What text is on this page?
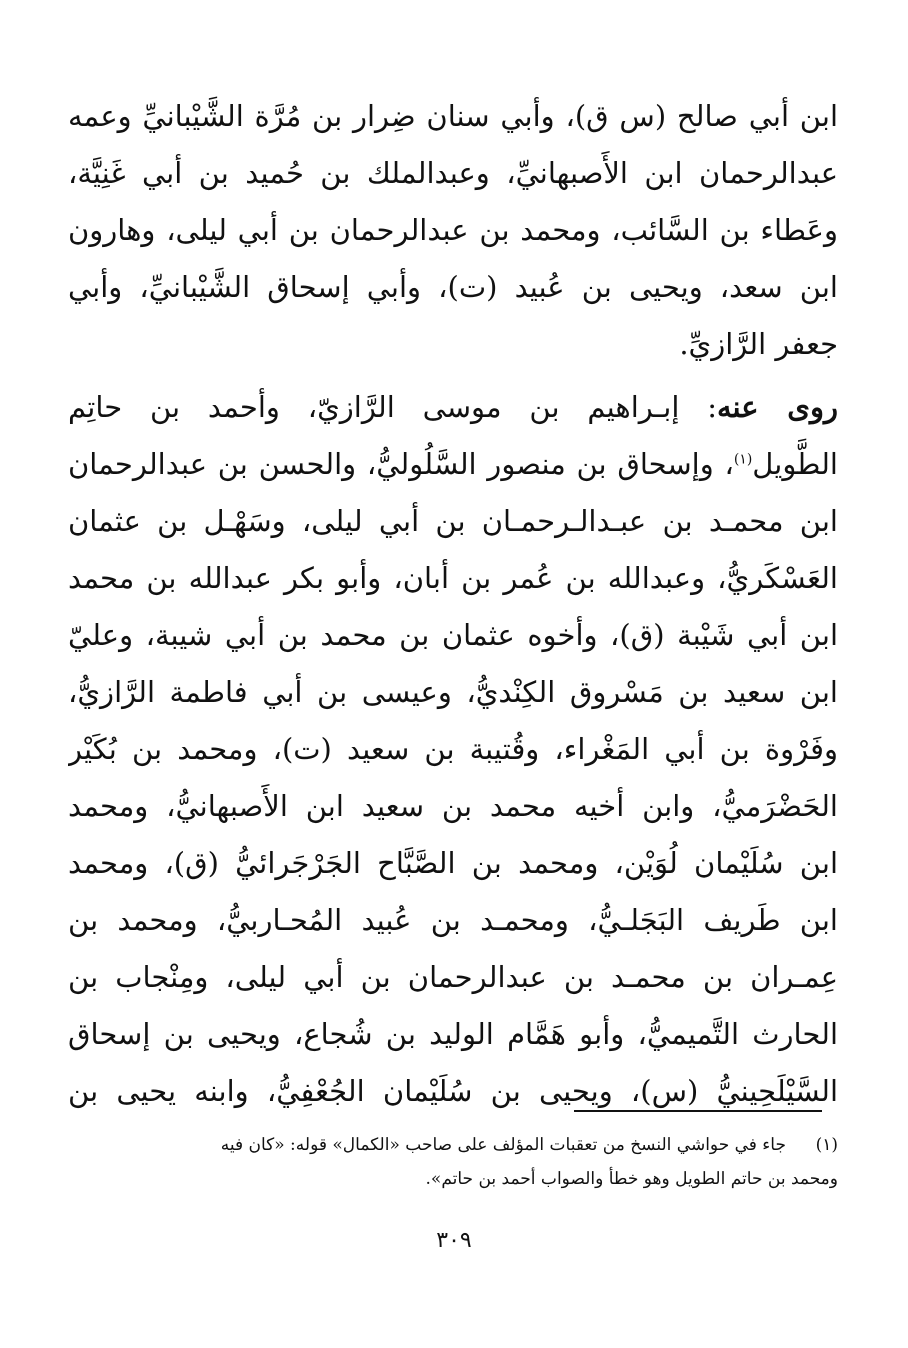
ابن أبي صالح (س ق)، وأبي سنان ضِرار بن مُرَّة الشَّيْبانيِّ وعمه
عبدالرحمان ابن الأَصبهانيِّ، وعبدالملك بن حُميد بن أبي غَنِيَّة،
وعَطاء بن السَّائب، ومحمد بن عبدالرحمان بن أبي ليلى، وهارون
ابن سعد، ويحيى بن عُبيد (ت)، وأبي إسحاق الشَّيْبانيِّ، وأبي
جعفر الرَّازيِّ.
روى عنه: إبـراهيم بن موسى الرَّازيّ، وأحمد بن حاتِم
الطَّويل$^{(١)}$، وإسحاق بن منصور السَّلُوليُّ، والحسن بن عبدالرحمان
ابن محمـد بن عبـدالـرحمـان بن أبي ليلى، وسَهْـل بن عثمان
العَسْكَريُّ، وعبدالله بن عُمر بن أبان، وأبو بكر عبدالله بن محمد
ابن أبي شَيْبة (ق)، وأخوه عثمان بن محمد بن أبي شيبة، وعليّ
ابن سعيد بن مَسْروق الكِنْديُّ، وعيسى بن أبي فاطمة الرَّازيُّ،
وفَرْوة بن أبي المَغْراء، وقُتيبة بن سعيد (ت)، ومحمد بن بُكَيْر
الحَضْرَميُّ، وابن أخيه محمد بن سعيد ابن الأَصبهانيُّ، ومحمد
ابن سُلَيْمان لُوَيْن، ومحمد بن الصَّبَّاح الجَرْجَرائيُّ (ق)، ومحمد
ابن طَريف البَجَلـيُّ، ومحمـد بن عُبيد المُحـاربيُّ، ومحمد بن
عِمـران بن محمـد بن عبدالرحمان بن أبي ليلى، ومِنْجاب بن
الحارث التَّميميُّ، وأبو هَمَّام الوليد بن شُجاع، ويحيى بن إسحاق
السَّيْلَحِينيُّ (س)، ويحيى بن سُلَيْمان الجُعْفِيُّ، وابنه يحيى بن
(١)جاء في حواشي النسخ من تعقبات المؤلف على صاحب «الكمال» قوله: «كان فيه
ومحمد بن حاتم الطويل وهو خطأ والصواب أحمد بن حاتم».
٣٠٩
